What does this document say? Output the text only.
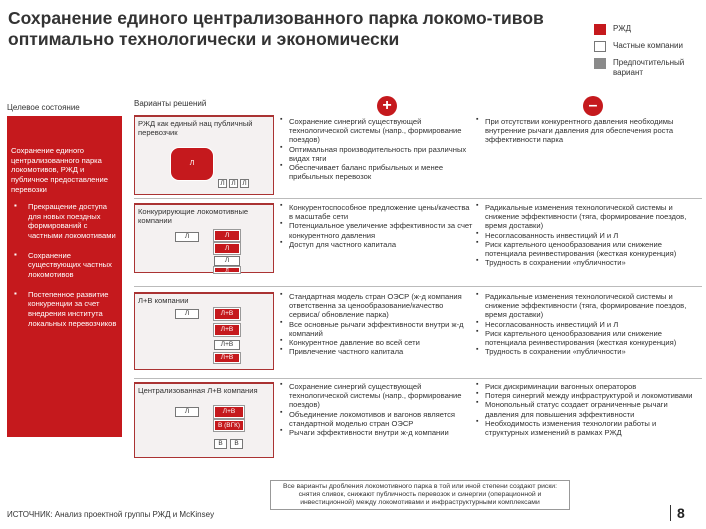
Сохранение единого централизованного парка локомо-тивов оптимально технологически и экономически
РЖД
Частные компании
Предпочтительный вариант
Целевое состояние
Сохранение единого централизованного парка локомотивов, РЖД и публичное предоставление перевозки
▪ Прекращение доступа для новых поездных формирований с частными локомотивами
▪ Сохранение существующих частных локомотивов
▪ Постепенное развитие конкуренции за счет внедрения института локальных перевозчиков
Варианты решений	+	–
РЖД как единый нац публичный перевозчик
Л
Л	Л	Л
▪ Сохранение синергий существующей технологической системы (напр., формирование поездов)
▪ Оптимальная производительность при различных видах тяги
▪ Обеспечивает баланс прибыльных и менее прибыльных перевозок
▪ При отсутствии конкурентного давления необходимы внутренние рычаги давления для обеспечения роста эффективности парка
Конкурирующие локомотивные компании
Л	Л
Л
Л
Л
▪ Конкурентоспособное предложение цены/качества в масштабе сети
▪ Потенциальное увеличение эффективности за счет конкурентного давления
▪ Доступ для частного капитала
▪ Радикальные изменения технологической системы и снижение эффективности (тяга, формирование поездов, время доставки)
▪ Несогласованность инвестиций И и Л
▪ Риск картельного ценообразования или снижение потенциала реинвестирования (жесткая конкуренция)
▪ Трудность в сохранении «публичности»
Л+В компании
Л	Л+В
Л+В
Л+В
Л+В
▪ Стандартная модель стран ОЭСР (ж-д компания ответственна за ценообразование/качество сервиса/ обновление парка)
▪ Все основные рычаги эффективности внутри ж-д компаний
▪ Конкурентное давление во всей сети
▪ Привлечение частного капитала
▪ Радикальные изменения технологической системы и снижение эффективности (тяга, формирование поездов, время доставки)
▪ Несогласованность инвестиций И и Л
▪ Риск картельного ценообразования или снижение потенциала реинвестирования (жесткая конкуренция)
▪ Трудность в сохранении «публичности»
Централизованная Л+В компания
Л	Л+В
В (ВГК)
В	В
▪ Сохранение синергий существующей технологической системы (напр., формирование поездов)
▪ Объединение локомотивов и вагонов является стандартной моделью стран ОЭСР
▪ Рычаги эффективности внутри ж-д компании
▪ Риск дискриминации вагонных операторов
▪ Потеря синергий между инфраструктурой и локомотивами
▪ Монопольный статус создает ограниченные рычаги давления для повышения эффективности
▪ Необходимость изменения технологии работы и структурных изменений в рамках РЖД
Все варианты дробления локомотивного парка в той или иной степени создают риски: снятия сливок, снижают публичность перевозок и синергии (операционной и инвестиционной) между локомотивами и инфраструктурными комплексами
ИСТОЧНИК: Анализ проектной группы РЖД и McKinsey	8
